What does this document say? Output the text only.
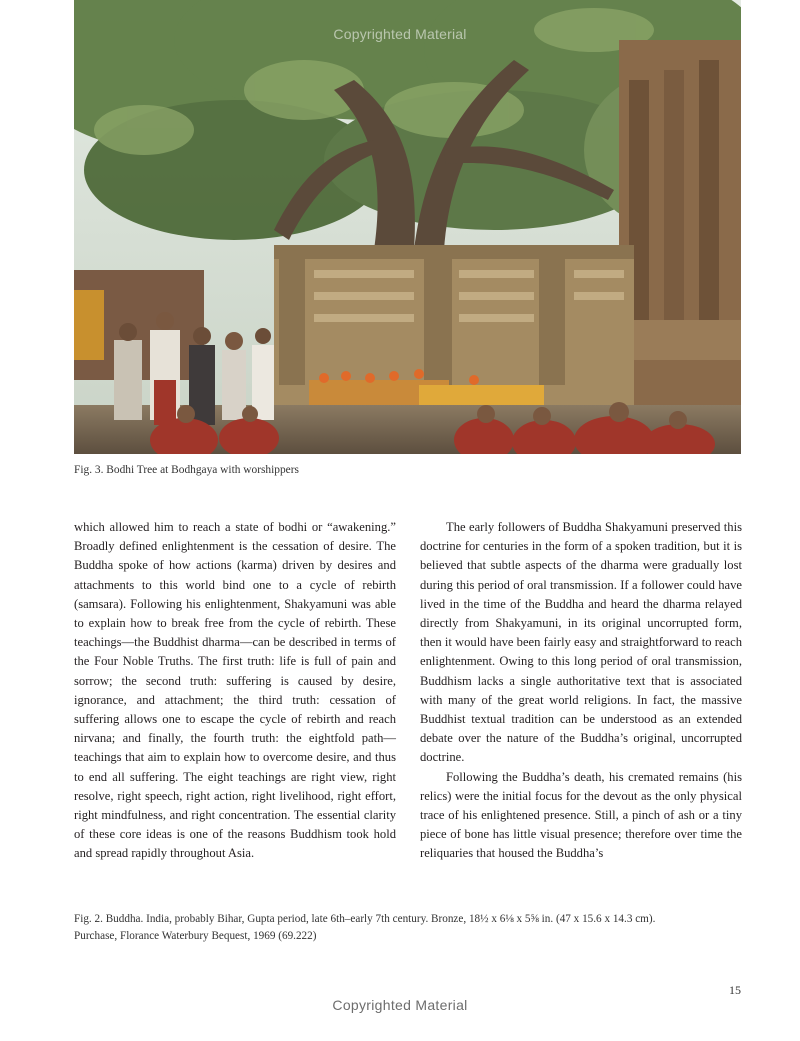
Copyrighted Material
Fig. 3. Bodhi Tree at Bodhgaya with worshippers

which allowed him to reach a state of bodhi or “awakening.” Broadly defined enlightenment is the cessation of desire. The Buddha spoke of how actions (karma) driven by desires and attachments to this world bind one to a cycle of rebirth (samsara). Following his enlightenment, Shakyamuni was able to explain how to break free from the cycle of rebirth. These teachings—the Buddhist dharma—can be described in terms of the Four Noble Truths. The first truth: life is full of pain and sorrow; the second truth: suffering is caused by desire, ignorance, and attachment; the third truth: cessation of suffering allows one to escape the cycle of rebirth and reach nirvana; and finally, the fourth truth: the eightfold path—teachings that aim to explain how to overcome desire, and thus to end all suffering. The eight teachings are right view, right resolve, right speech, right action, right livelihood, right effort, right mindfulness, and right concentration. The essential clarity of these core ideas is one of the reasons Buddhism took hold and spread rapidly throughout Asia.

The early followers of Buddha Shakyamuni preserved this doctrine for centuries in the form of a spoken tradition, but it is believed that subtle aspects of the dharma were gradually lost during this period of oral transmission. If a follower could have lived in the time of the Buddha and heard the dharma relayed directly from Shakyamuni, in its original uncorrupted form, then it would have been fairly easy and straightforward to reach enlightenment. Owing to this long period of oral transmission, Buddhism lacks a single authoritative text that is associated with many of the great world religions. In fact, the massive Buddhist textual tradition can be understood as an extended debate over the nature of the Buddha’s original, uncorrupted doctrine.

Following the Buddha’s death, his cremated remains (his relics) were the initial focus for the devout as the only physical trace of his enlightened presence. Still, a pinch of ash or a tiny piece of bone has little visual presence; therefore over time the reliquaries that housed the Buddha’s

Fig. 2. Buddha. India, probably Bihar, Gupta period, late 6th–early 7th century. Bronze, 18½ x 6⅛ x 5⅝ in. (47 x 15.6 x 14.3 cm).
Purchase, Florance Waterbury Bequest, 1969 (69.222)
15
Copyrighted Material
